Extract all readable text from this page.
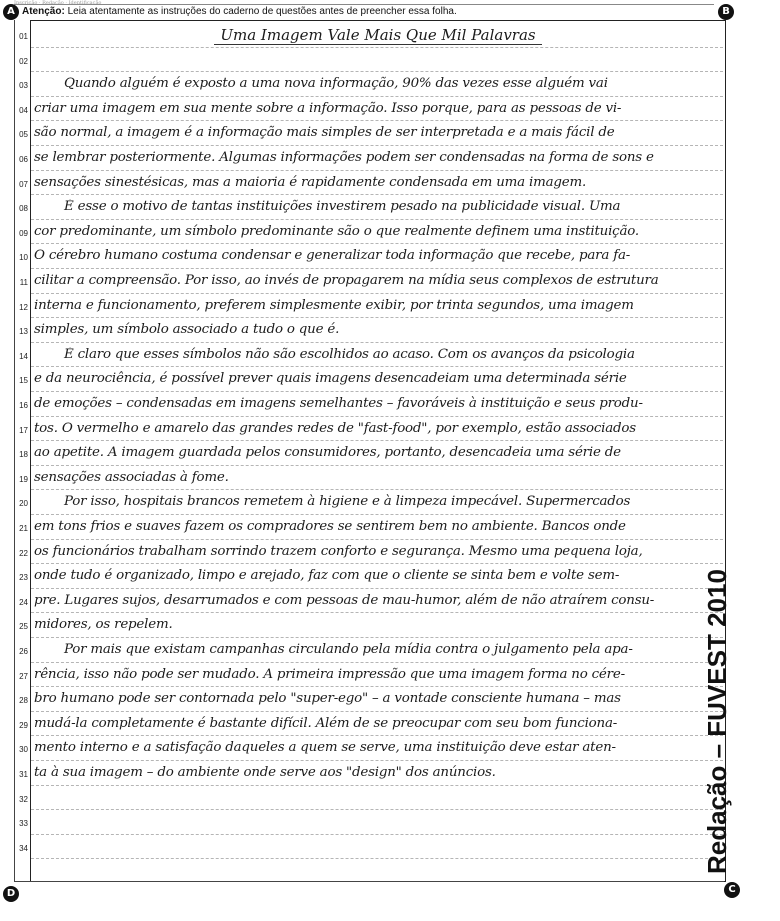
Inscrição · Redação · Identificação
A	B
C
D
Atenção: Leia atentamente as instruções do caderno de questões antes de preencher essa folha.
01	Uma Imagem Vale Mais Que Mil Palavras
02
03	Quando alguém é exposto a uma nova informação, 90% das vezes esse alguém vai
04 criar uma imagem em sua mente sobre a informação. Isso porque, para as pessoas de vi-
05 são normal, a imagem é a informação mais simples de ser interpretada e a mais fácil de
06 se lembrar posteriormente. Algumas informações podem ser condensadas na forma de sons e
07 sensações sinestésicas, mas a maioria é rapidamente condensada em uma imagem.
08	É esse o motivo de tantas instituições investirem pesado na publicidade visual. Uma
09 cor predominante, um símbolo predominante são o que realmente definem uma instituição.
10 O cérebro humano costuma condensar e generalizar toda informação que recebe, para fa-
11 cilitar a compreensão. Por isso, ao invés de propagarem na mídia seus complexos de estrutura
12 interna e funcionamento, preferem simplesmente exibir, por trinta segundos, uma imagem
13 simples, um símbolo associado a tudo o que é.
14	É claro que esses símbolos não são escolhidos ao acaso. Com os avanços da psicologia
15 e da neurociência, é possível prever quais imagens desencadeiam uma determinada série
16 de emoções – condensadas em imagens semelhantes – favoráveis à instituição e seus produ-
17 tos. O vermelho e amarelo das grandes redes de "fast-food", por exemplo, estão associados
18 ao apetite. A imagem guardada pelos consumidores, portanto, desencadeia uma série de
19 sensações associadas à fome.
20	Por isso, hospitais brancos remetem à higiene e à limpeza impecável. Supermercados
21 em tons frios e suaves fazem os compradores se sentirem bem no ambiente. Bancos onde
22 os funcionários trabalham sorrindo trazem conforto e segurança. Mesmo uma pequena loja,
23 onde tudo é organizado, limpo e arejado, faz com que o cliente se sinta bem e volte sem-
24 pre. Lugares sujos, desarrumados e com pessoas de mau-humor, além de não atraírem consu-
25 midores, os repelem.
26	Por mais que existam campanhas circulando pela mídia contra o julgamento pela apa-
27 rência, isso não pode ser mudado. A primeira impressão que uma imagem forma no cére-
28 bro humano pode ser contornada pelo "super-ego" – a vontade consciente humana – mas
29 mudá-la completamente é bastante difícil. Além de se preocupar com seu bom funciona-
30 mento interno e a satisfação daqueles a quem se serve, uma instituição deve estar aten-
31 ta à sua imagem – do ambiente onde serve aos "design" dos anúncios.
32
33
34	Redação – FUVEST 2010
